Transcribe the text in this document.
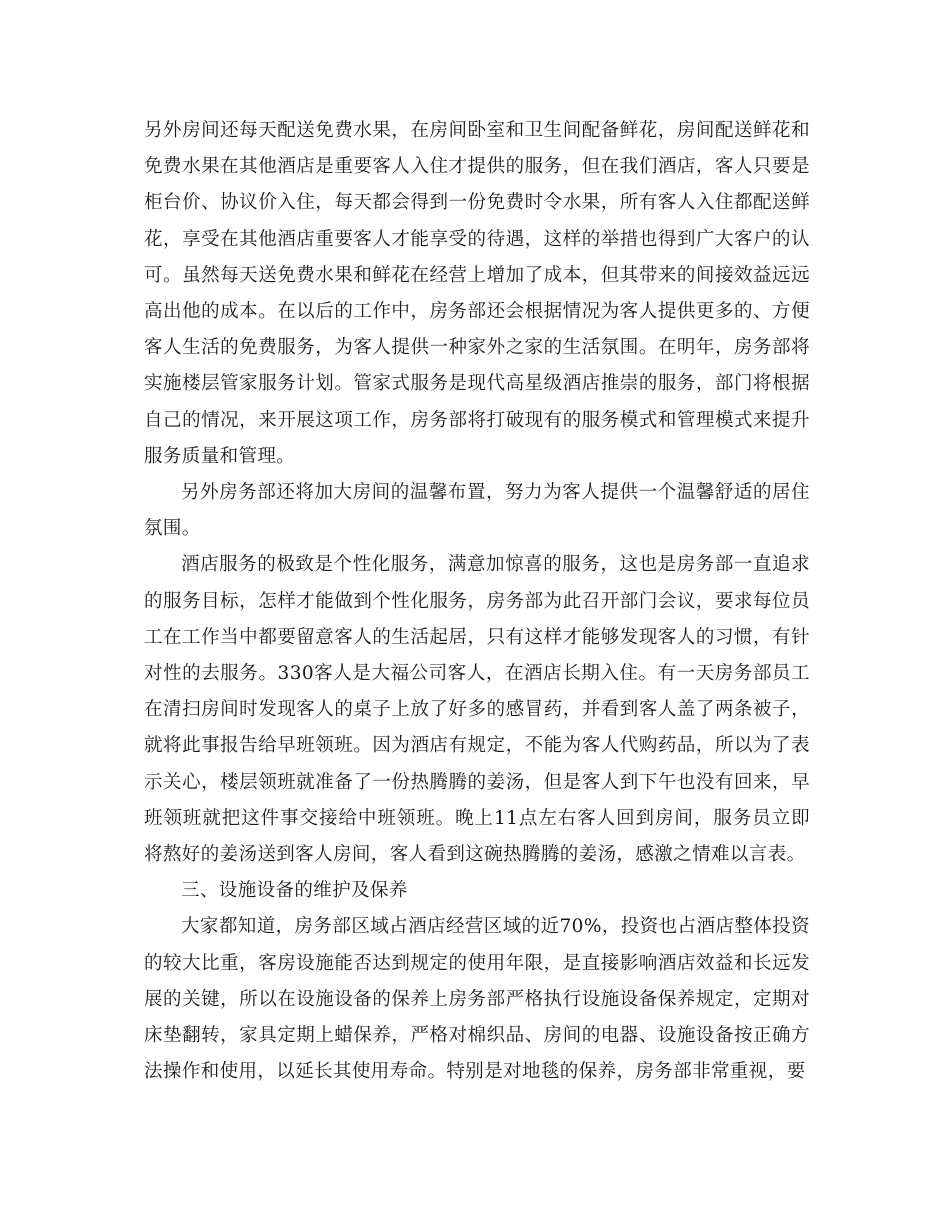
另外房间还每天配送免费水果，在房间卧室和卫生间配备鲜花，房间配送鲜花和免费水果在其他酒店是重要客人入住才提供的服务，但在我们酒店，客人只要是柜台价、协议价入住，每天都会得到一份免费时令水果，所有客人入住都配送鲜花，享受在其他酒店重要客人才能享受的待遇，这样的举措也得到广大客户的认可。虽然每天送免费水果和鲜花在经营上增加了成本，但其带来的间接效益远远高出他的成本。在以后的工作中，房务部还会根据情况为客人提供更多的、方便客人生活的免费服务，为客人提供一种家外之家的生活氛围。在明年，房务部将实施楼层管家服务计划。管家式服务是现代高星级酒店推崇的服务，部门将根据自己的情况，来开展这项工作，房务部将打破现有的服务模式和管理模式来提升服务质量和管理。

另外房务部还将加大房间的温馨布置，努力为客人提供一个温馨舒适的居住氛围。

酒店服务的极致是个性化服务，满意加惊喜的服务，这也是房务部一直追求的服务目标，怎样才能做到个性化服务，房务部为此召开部门会议，要求每位员工在工作当中都要留意客人的生活起居，只有这样才能够发现客人的习惯，有针对性的去服务。330客人是大福公司客人，在酒店长期入住。有一天房务部员工在清扫房间时发现客人的桌子上放了好多的感冒药，并看到客人盖了两条被子，就将此事报告给早班领班。因为酒店有规定，不能为客人代购药品，所以为了表示关心，楼层领班就准备了一份热腾腾的姜汤，但是客人到下午也没有回来，早班领班就把这件事交接给中班领班。晚上11点左右客人回到房间，服务员立即将熬好的姜汤送到客人房间，客人看到这碗热腾腾的姜汤，感激之情难以言表。

三、设施设备的维护及保养

大家都知道，房务部区域占酒店经营区域的近70%，投资也占酒店整体投资的较大比重，客房设施能否达到规定的使用年限，是直接影响酒店效益和长远发展的关键，所以在设施设备的保养上房务部严格执行设施设备保养规定，定期对床垫翻转，家具定期上蜡保养，严格对棉织品、房间的电器、设施设备按正确方法操作和使用，以延长其使用寿命。特别是对地毯的保养，房务部非常重视，要
